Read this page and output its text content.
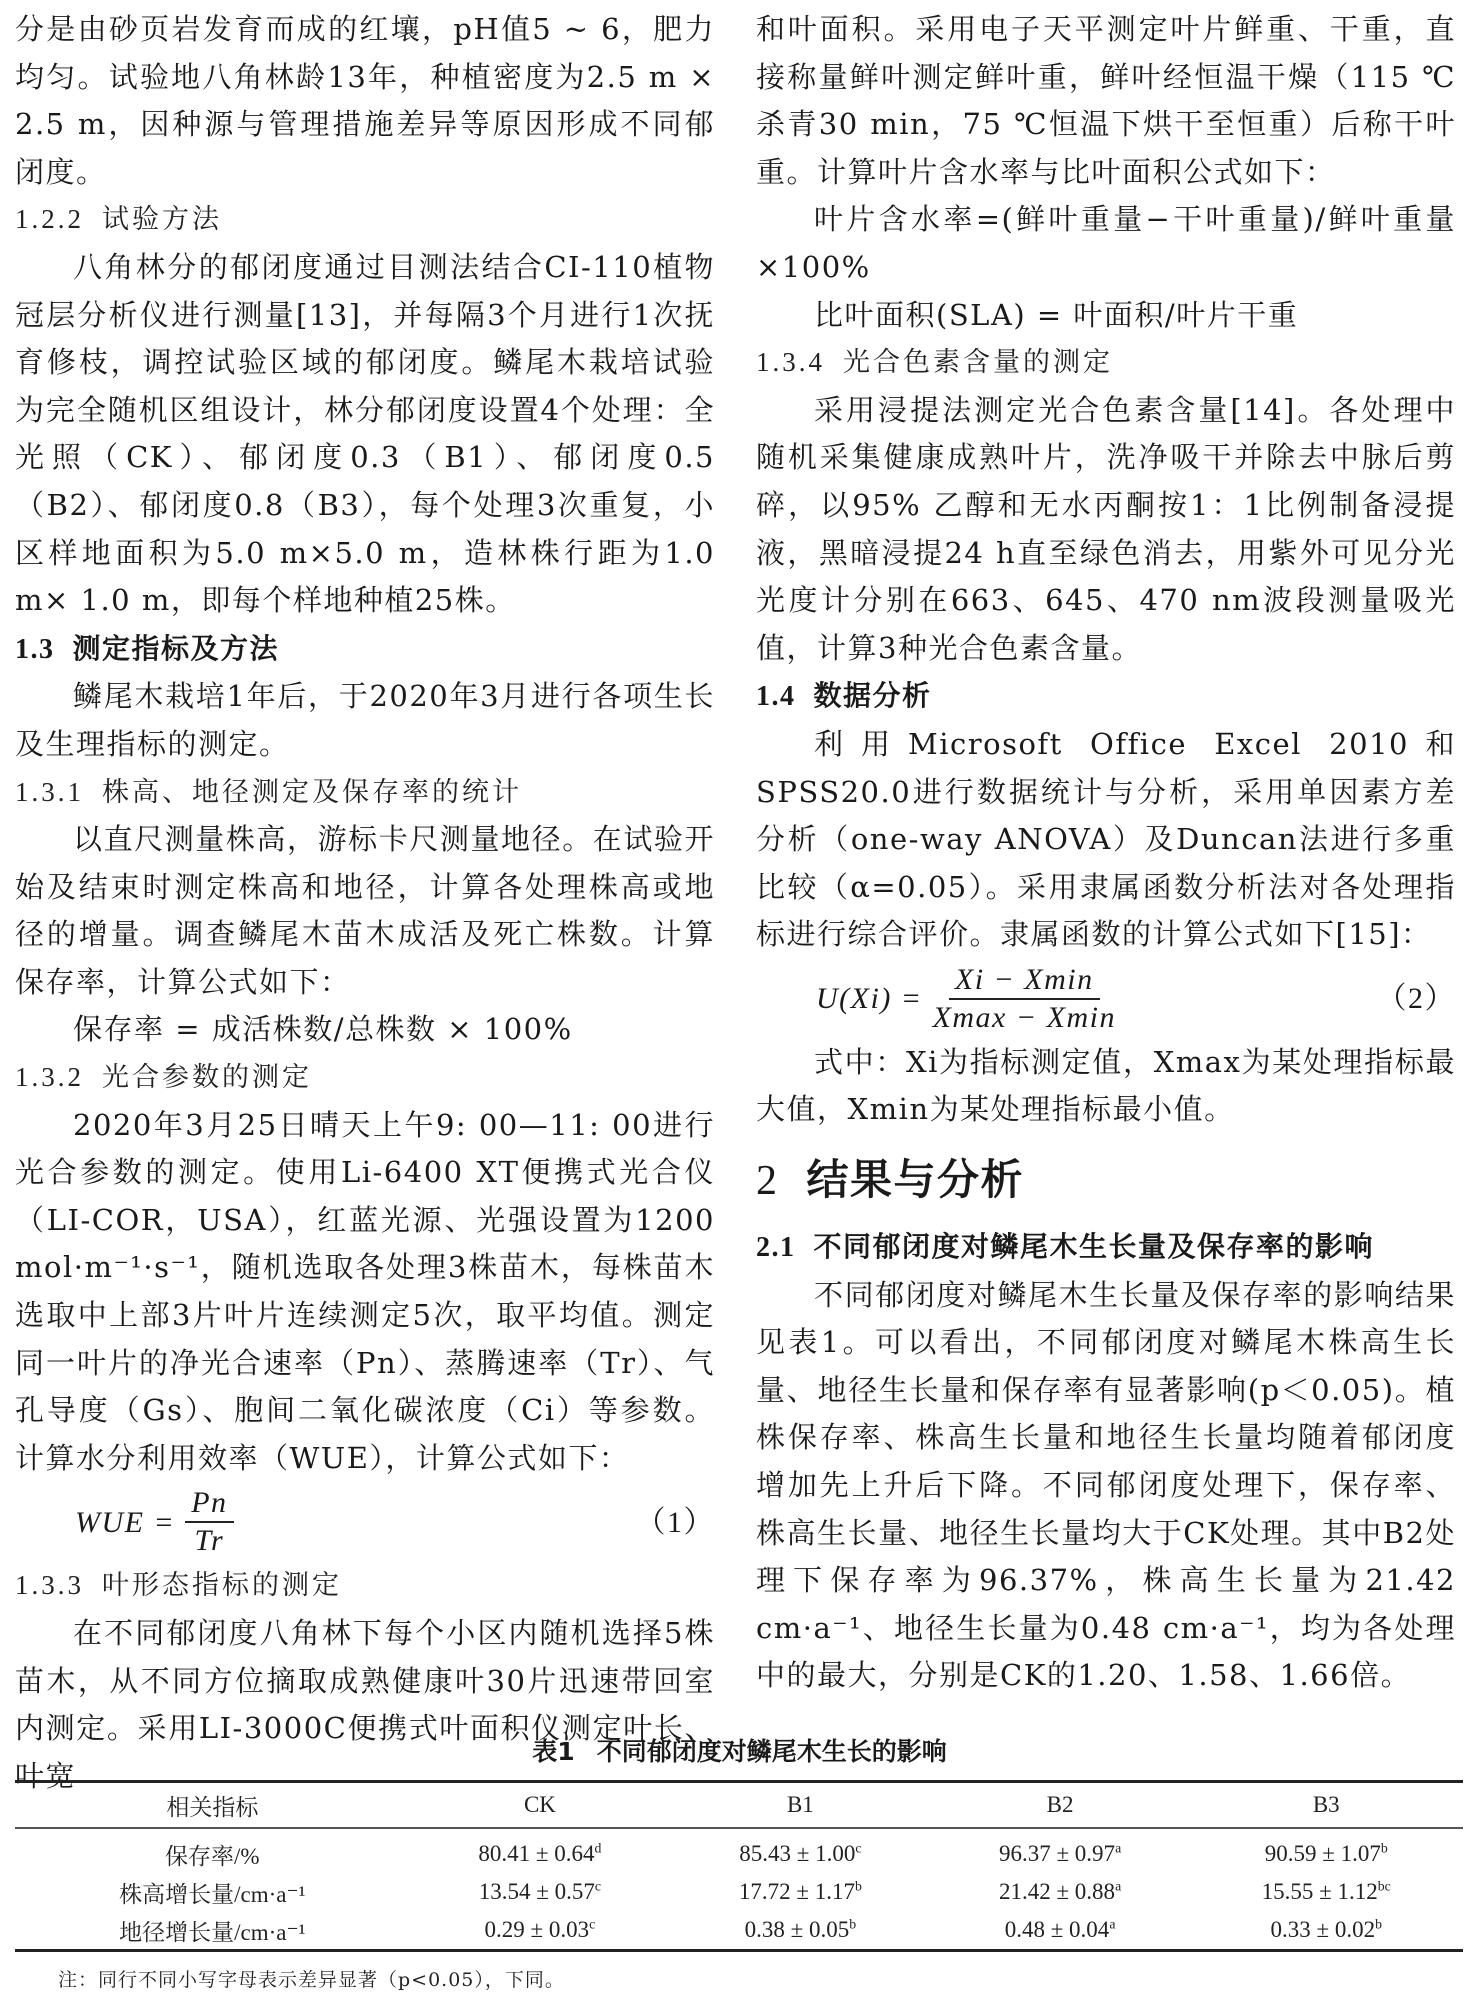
分是由砂页岩发育而成的红壤，pH值5 ~ 6，肥力均匀。试验地八角林龄13年，种植密度为2.5 m × 2.5 m，因种源与管理措施差异等原因形成不同郁闭度。

1.2.2 试验方法

八角林分的郁闭度通过目测法结合CI-110植物冠层分析仪进行测量[13]，并每隔3个月进行1次抚育修枝，调控试验区域的郁闭度。鳞尾木栽培试验为完全随机区组设计，林分郁闭度设置4个处理：全光照（CK）、郁闭度0.3（B1）、郁闭度0.5（B2）、郁闭度0.8（B3），每个处理3次重复，小区样地面积为5.0 m×5.0 m，造林株行距为1.0 m× 1.0 m，即每个样地种植25株。

1.3 测定指标及方法

鳞尾木栽培1年后，于2020年3月进行各项生长及生理指标的测定。

1.3.1 株高、地径测定及保存率的统计

以直尺测量株高，游标卡尺测量地径。在试验开始及结束时测定株高和地径，计算各处理株高或地径的增量。调查鳞尾木苗木成活及死亡株数。计算保存率，计算公式如下：

保存率 = 成活株数/总株数 × 100%

1.3.2 光合参数的测定

2020年3月25日晴天上午9: 00—11: 00进行光合参数的测定。使用Li-6400 XT便携式光合仪（LI-COR，USA），红蓝光源、光强设置为1200 mol·m⁻¹·s⁻¹，随机选取各处理3株苗木，每株苗木选取中上部3片叶片连续测定5次，取平均值。测定同一叶片的净光合速率（Pn）、蒸腾速率（Tr）、气孔导度（Gs）、胞间二氧化碳浓度（Ci）等参数。计算水分利用效率（WUE），计算公式如下：

WUE = $\frac{Pn}{Tr}$	（1）
1.3.3 叶形态指标的测定

在不同郁闭度八角林下每个小区内随机选择5株苗木，从不同方位摘取成熟健康叶30片迅速带回室内测定。采用LI-3000C便携式叶面积仪测定叶长、叶宽

和叶面积。采用电子天平测定叶片鲜重、干重，直接称量鲜叶测定鲜叶重，鲜叶经恒温干燥（115 ℃杀青30 min，75 ℃恒温下烘干至恒重）后称干叶重。计算叶片含水率与比叶面积公式如下：

叶片含水率=(鲜叶重量−干叶重量)/鲜叶重量×100%

比叶面积(SLA) = 叶面积/叶片干重

1.3.4 光合色素含量的测定

采用浸提法测定光合色素含量[14]。各处理中随机采集健康成熟叶片，洗净吸干并除去中脉后剪碎，以95% 乙醇和无水丙酮按1：1比例制备浸提液，黑暗浸提24 h直至绿色消去，用紫外可见分光光度计分别在663、645、470 nm波段测量吸光值，计算3种光合色素含量。

1.4 数据分析

利用Microsoft Office Excel 2010和SPSS20.0进行数据统计与分析，采用单因素方差分析（one-way ANOVA）及Duncan法进行多重比较（α=0.05）。采用隶属函数分析法对各处理指标进行综合评价。隶属函数的计算公式如下[15]：

$U(Xi) = \frac{Xi - Xmin}{Xmax - Xmin}$	（2）

式中：Xi为指标测定值，Xmax为某处理指标最大值，Xmin为某处理指标最小值。

2 结果与分析
2.1 不同郁闭度对鳞尾木生长量及保存率的影响

不同郁闭度对鳞尾木生长量及保存率的影响结果见表1。可以看出，不同郁闭度对鳞尾木株高生长量、地径生长量和保存率有显著影响(p＜0.05)。植株保存率、株高生长量和地径生长量均随着郁闭度增加先上升后下降。不同郁闭度处理下，保存率、株高生长量、地径生长量均大于CK处理。其中B2处理下保存率为96.37%，株高生长量为21.42 cm·a⁻¹、地径生长量为0.48 cm·a⁻¹，均为各处理中的最大，分别是CK的1.20、1.58、1.66倍。

表1 不同郁闭度对鳞尾木生长的影响
相关指标	CK	B1	B2	B3
保存率/%	80.41 ± 0.64$^d$	85.43 ± 1.00$^c$	96.37 ± 0.97$^a$	90.59 ± 1.07$^b$
株高增长量/cm·a⁻¹	13.54 ± 0.57$^c$	17.72 ± 1.17$^b$	21.42 ± 0.88$^a$	15.55 ± 1.12$^{bc}$
地径增长量/cm·a⁻¹	0.29 ± 0.03$^c$	0.38 ± 0.05$^b$	0.48 ± 0.04$^a$	0.33 ± 0.02$^b$
注：同行不同小写字母表示差异显著（p<0.05），下同。
